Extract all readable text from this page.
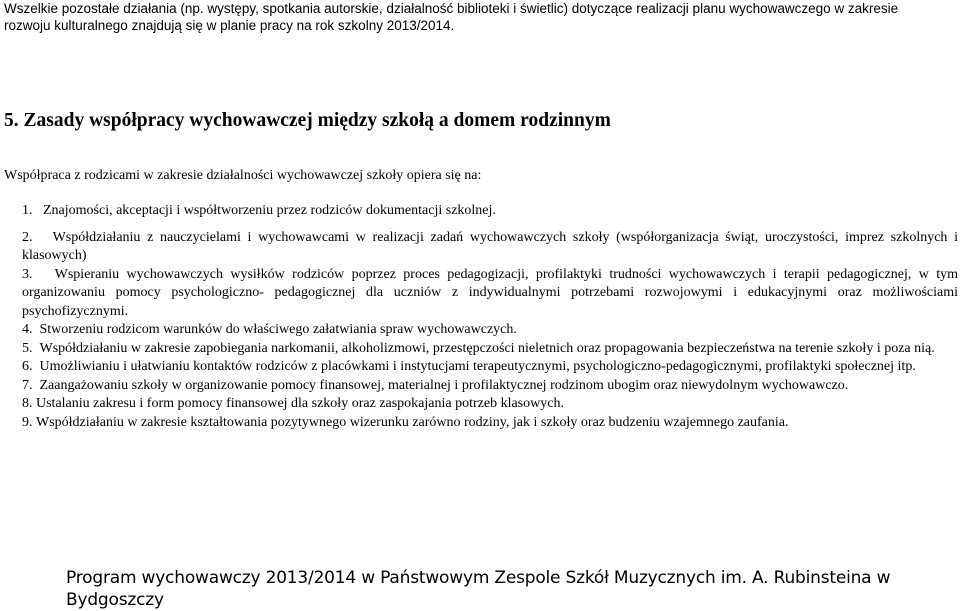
Wszelkie pozostałe działania (np. występy, spotkania autorskie, działalność biblioteki i świetlic) dotyczące realizacji planu wychowawczego w zakresie
rozwoju kulturalnego znajdują się w planie pracy na rok szkolny 2013/2014.
5. Zasady współpracy wychowawczej między szkołą a domem rodzinnym
Współpraca z rodzicami w zakresie działalności wychowawczej szkoły opiera się na:
1. Znajomości, akceptacji i współtworzeniu przez rodziców dokumentacji szkolnej.
2. Współdziałaniu z nauczycielami i wychowawcami w realizacji zadań wychowawczych szkoły (współorganizacja świąt, uroczystości, imprez szkolnych i klasowych)
3. Wspieraniu wychowawczych wysiłków rodziców poprzez proces pedagogizacji, profilaktyki trudności wychowawczych i terapii pedagogicznej, w tym organizowaniu pomocy psychologiczno- pedagogicznej dla uczniów z indywidualnymi potrzebami rozwojowymi i edukacyjnymi oraz możliwościami psychofizycznymi.
4. Stworzeniu rodzicom warunków do właściwego załatwiania spraw wychowawczych.
5. Współdziałaniu w zakresie zapobiegania narkomanii, alkoholizmowi, przestępczości nieletnich oraz propagowania bezpieczeństwa na terenie szkoły i poza nią.
6. Umożliwianiu i ułatwianiu kontaktów rodziców z placówkami i instytucjami terapeutycznymi, psychologiczno-pedagogicznymi, profilaktyki społecznej itp.
7. Zaangażowaniu szkoły w organizowanie pomocy finansowej, materialnej i profilaktycznej rodzinom ubogim oraz niewydolnym wychowawczo.
8. Ustalaniu zakresu i form pomocy finansowej dla szkoły oraz zaspokajania potrzeb klasowych.
9. Współdziałaniu w zakresie kształtowania pozytywnego wizerunku zarówno rodziny, jak i szkoły oraz budzeniu wzajemnego zaufania.
Program wychowawczy 2013/2014 w Państwowym Zespole Szkół Muzycznych im. A. Rubinsteina w Bydgoszczy
